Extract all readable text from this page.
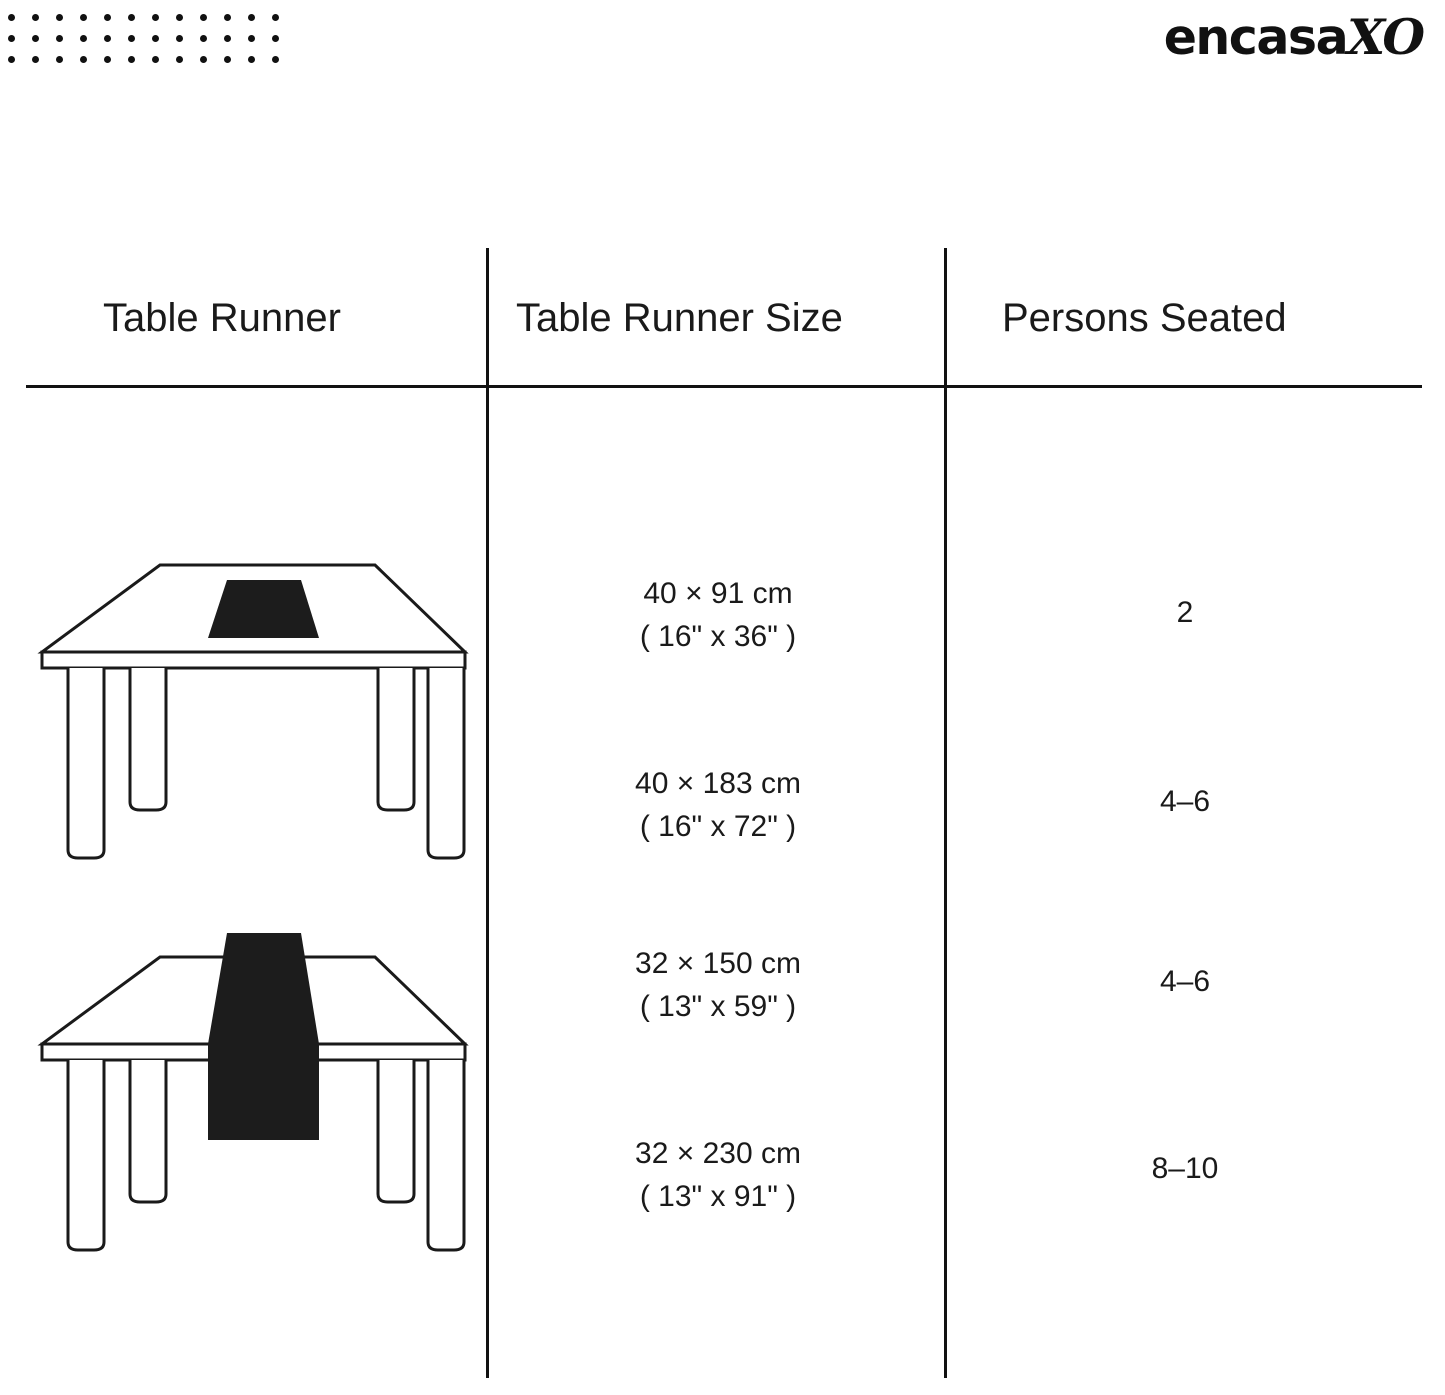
encasaXO
Table Runner	Table Runner Size	Persons Seated
40 × 91 cm
( 16" x 36" )
2
40 × 183 cm
( 16" x 72" )
4–6
32 × 150 cm
( 13" x 59" )
4–6
32 × 230 cm
( 13" x 91" )
8–10
